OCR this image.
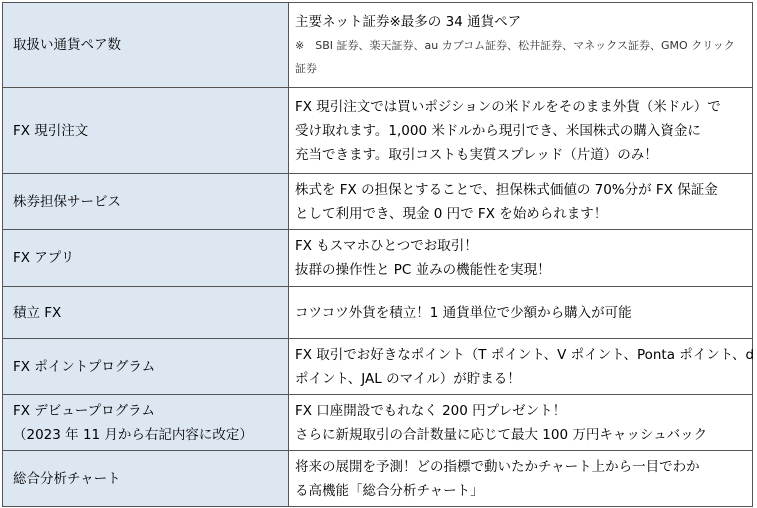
取扱い通貨ペア数	主要ネット証券※最多の 34 通貨ペア
※　SBI 証券、楽天証券、au カブコム証券、松井証券、マネックス証券、GMO クリック証券

FX 現引注文	FX 現引注文では買いポジションの米ドルをそのまま外貨（米ドル）で
受け取れます。1,000 米ドルから現引でき、米国株式の購入資金に
充当できます。取引コストも実質スプレッド（片道）のみ！

株券担保サービス	株式を FX の担保とすることで、担保株式価値の 70%分が FX 保証金
として利用でき、現金 0 円で FX を始められます！

FX アプリ	FX もスマホひとつでお取引！
抜群の操作性と PC 並みの機能性を実現！

積立 FX	コツコツ外貨を積立！1 通貨単位で少額から購入が可能

FX ポイントプログラム	FX 取引でお好きなポイント（T ポイント、V ポイント、Ponta ポイント、d
ポイント、JAL のマイル）が貯まる！

FX デビュープログラム
（2023 年 11 月から右記内容に改定）	FX 口座開設でもれなく 200 円プレゼント！
さらに新規取引の合計数量に応じて最大 100 万円キャッシュバック

総合分析チャート	将来の展開を予測！どの指標で動いたかチャート上から一目でわか
る高機能「総合分析チャート」
